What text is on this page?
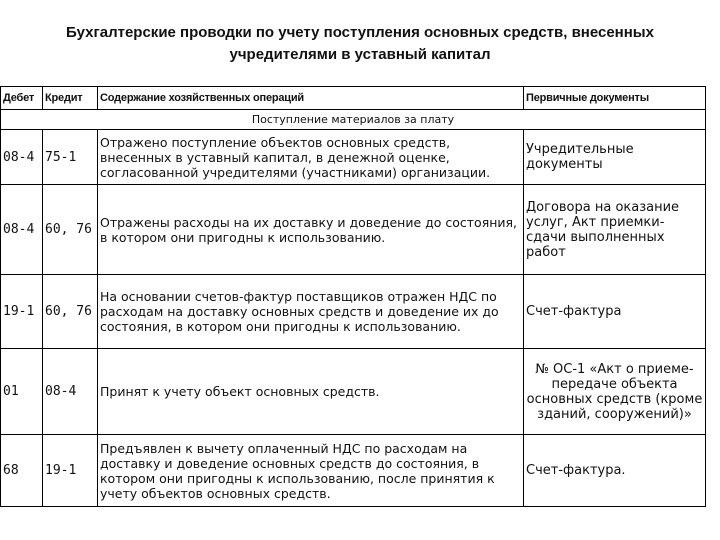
Бухгалтерские проводки по учету поступления основных средств, внесенных учредителями в уставный капитал
Дебет	Кредит	Содержание хозяйственных операций	Первичные документы
Поступление материалов за плату			
08-4	75-1	Отражено поступление объектов основных средств, внесенных в уставный капитал, в денежной оценке, согласованной учредителями (участниками) организации.	Учредительные документы
08-4	60, 76	Отражены расходы на их доставку и доведение до состояния, в котором они пригодны к использованию.	Договора на оказание услуг, Акт приемки-сдачи выполненных работ
19-1	60, 76	На основании счетов-фактур поставщиков отражен НДС по расходам на доставку основных средств и доведение их до состояния, в котором они пригодны к использованию.	Счет-фактура
01	08-4	Принят к учету объект основных средств.	№ ОС-1 «Акт о приеме-передаче объекта основных средств (кроме зданий, сооружений)»
68	19-1	Предъявлен к вычету оплаченный НДС по расходам на доставку и доведение основных средств до состояния, в котором они пригодны к использованию, после принятия к учету объектов основных средств.	Счет-фактура.
